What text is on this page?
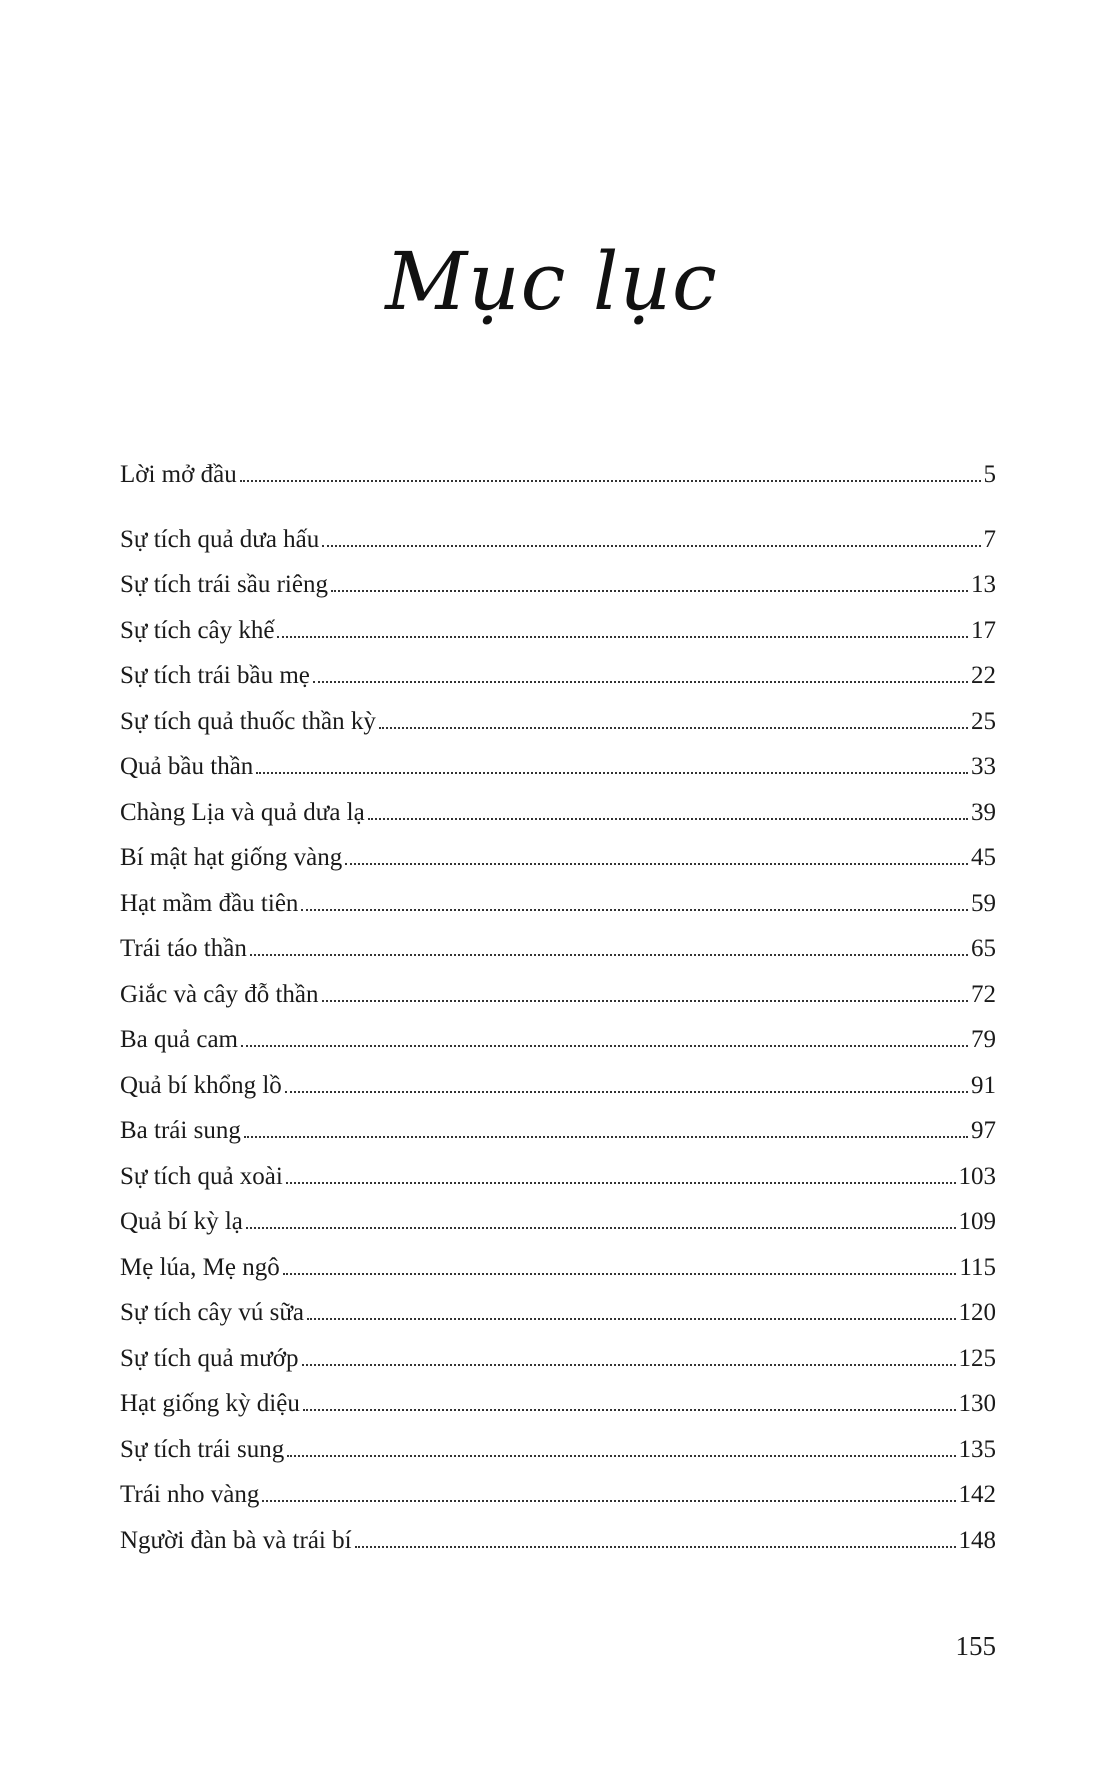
Mục lục
Lời mở đầu	5
Sự tích quả dưa hấu	7
Sự tích trái sầu riêng	13
Sự tích cây khế	17
Sự tích trái bầu mẹ	22
Sự tích quả thuốc thần kỳ	25
Quả bầu thần	33
Chàng Lịa và quả dưa lạ	39
Bí mật hạt giống vàng	45
Hạt mầm đầu tiên	59
Trái táo thần	65
Giắc và cây đỗ thần	72
Ba quả cam	79
Quả bí khổng lồ	91
Ba trái sung	97
Sự tích quả xoài	103
Quả bí kỳ lạ	109
Mẹ lúa, Mẹ ngô	115
Sự tích cây vú sữa	120
Sự tích quả mướp	125
Hạt giống kỳ diệu	130
Sự tích trái sung	135
Trái nho vàng	142
Người đàn bà và trái bí	148
155
